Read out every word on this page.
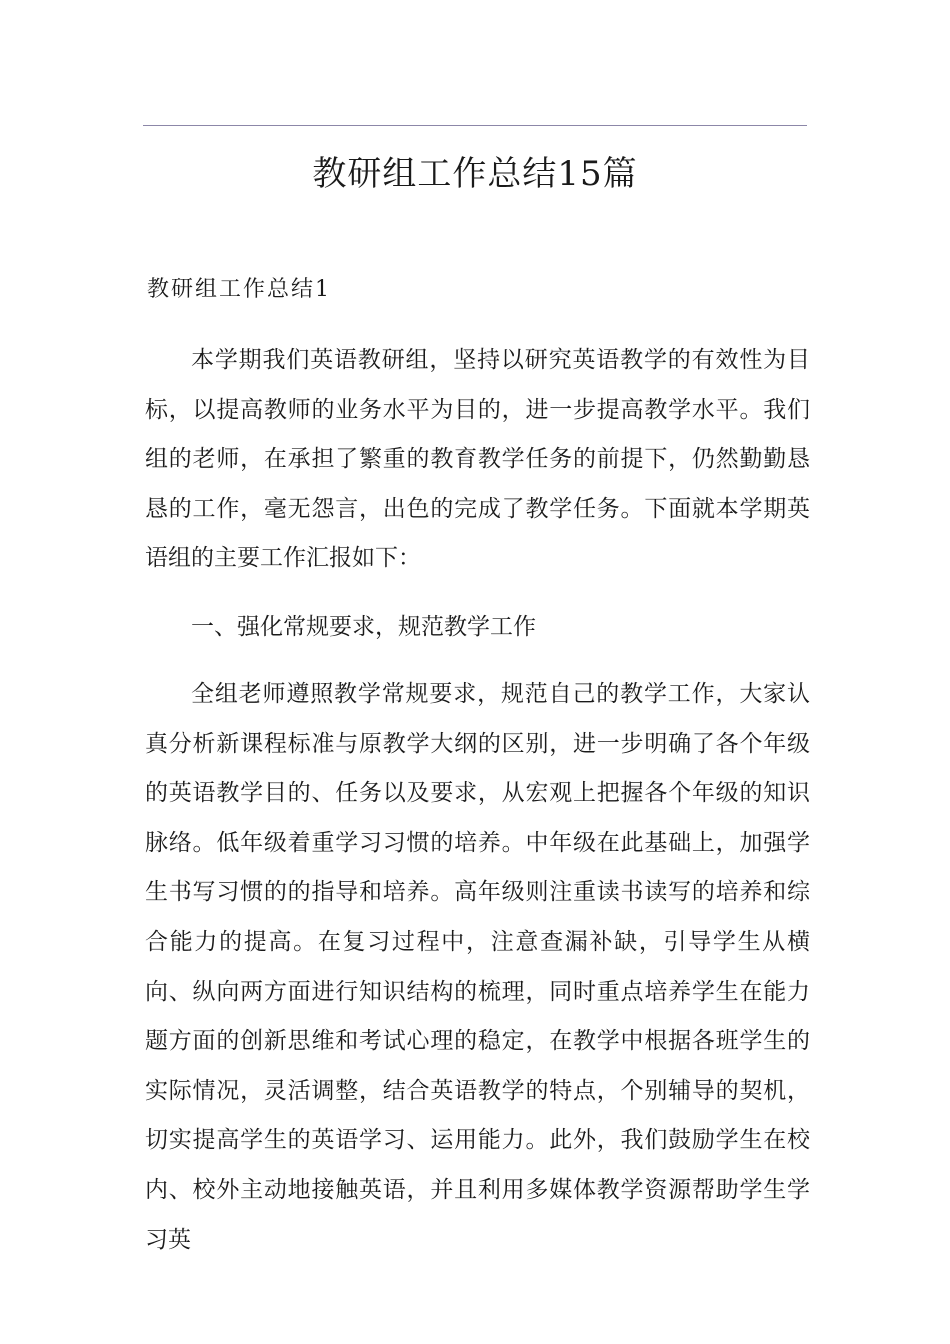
教研组工作总结15篇
教研组工作总结1

本学期我们英语教研组，坚持以研究英语教学的有效性为目标，以提高教师的业务水平为目的，进一步提高教学水平。我们组的老师，在承担了繁重的教育教学任务的前提下，仍然勤勤恳恳的工作，毫无怨言，出色的完成了教学任务。下面就本学期英语组的主要工作汇报如下：

一、强化常规要求，规范教学工作

全组老师遵照教学常规要求，规范自己的教学工作，大家认真分析新课程标准与原教学大纲的区别，进一步明确了各个年级的英语教学目的、任务以及要求，从宏观上把握各个年级的知识脉络。低年级着重学习习惯的培养。中年级在此基础上，加强学生书写习惯的的指导和培养。高年级则注重读书读写的培养和综合能力的提高。在复习过程中，注意查漏补缺，引导学生从横向、纵向两方面进行知识结构的梳理，同时重点培养学生在能力题方面的创新思维和考试心理的稳定，在教学中根据各班学生的实际情况，灵活调整，结合英语教学的特点，个别辅导的契机，切实提高学生的英语学习、运用能力。此外，我们鼓励学生在校内、校外主动地接触英语，并且利用多媒体教学资源帮助学生学习英
